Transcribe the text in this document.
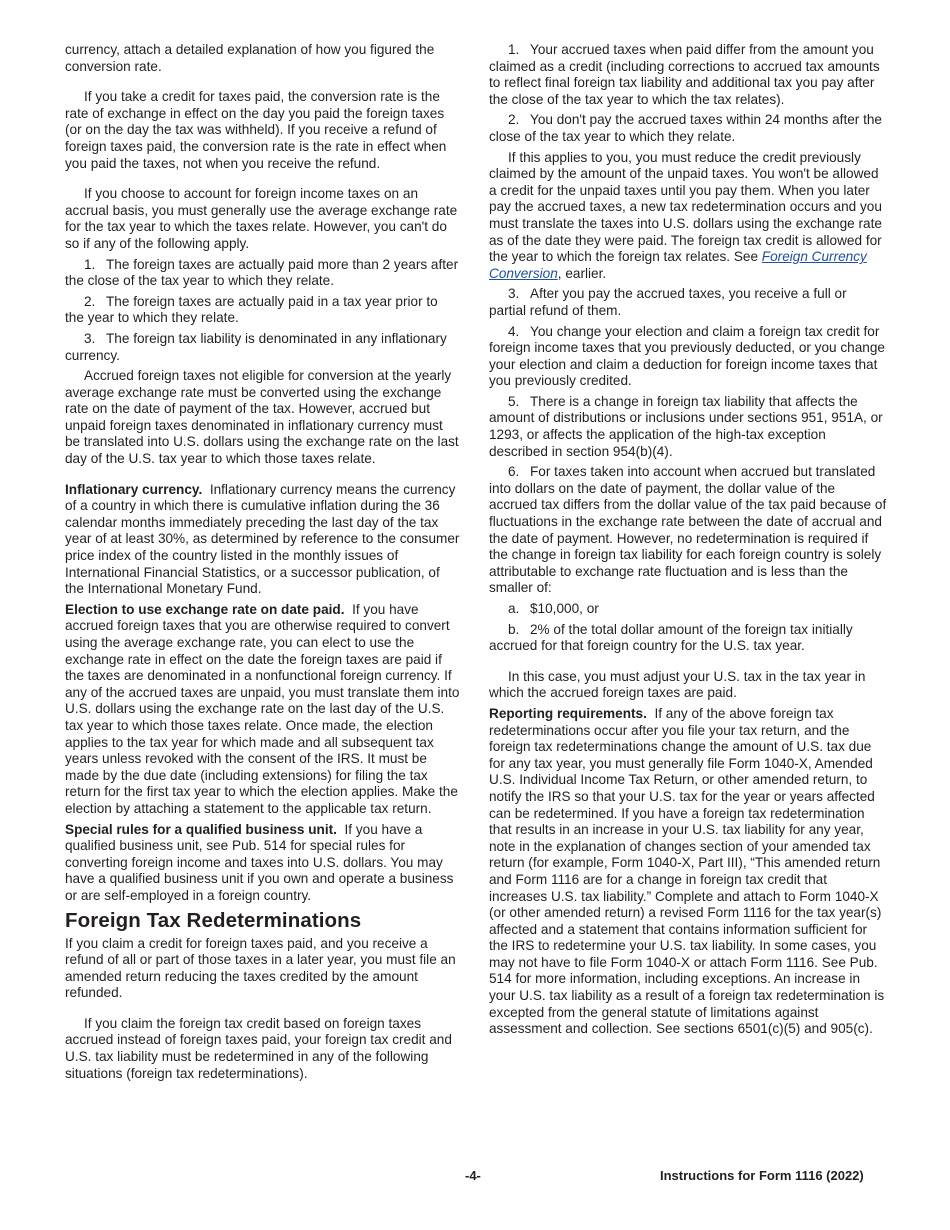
currency, attach a detailed explanation of how you figured the conversion rate.

If you take a credit for taxes paid, the conversion rate is the rate of exchange in effect on the day you paid the foreign taxes (or on the day the tax was withheld). If you receive a refund of foreign taxes paid, the conversion rate is the rate in effect when you paid the taxes, not when you receive the refund.

If you choose to account for foreign income taxes on an accrual basis, you must generally use the average exchange rate for the tax year to which the taxes relate. However, you can't do so if any of the following apply.

1. The foreign taxes are actually paid more than 2 years after the close of the tax year to which they relate.

2. The foreign taxes are actually paid in a tax year prior to the year to which they relate.

3. The foreign tax liability is denominated in any inflationary currency.

Accrued foreign taxes not eligible for conversion at the yearly average exchange rate must be converted using the exchange rate on the date of payment of the tax. However, accrued but unpaid foreign taxes denominated in inflationary currency must be translated into U.S. dollars using the exchange rate on the last day of the U.S. tax year to which those taxes relate.

Inflationary currency. Inflationary currency means the currency of a country in which there is cumulative inflation during the 36 calendar months immediately preceding the last day of the tax year of at least 30%, as determined by reference to the consumer price index of the country listed in the monthly issues of International Financial Statistics, or a successor publication, of the International Monetary Fund.

Election to use exchange rate on date paid. If you have accrued foreign taxes that you are otherwise required to convert using the average exchange rate, you can elect to use the exchange rate in effect on the date the foreign taxes are paid if the taxes are denominated in a nonfunctional foreign currency. If any of the accrued taxes are unpaid, you must translate them into U.S. dollars using the exchange rate on the last day of the U.S. tax year to which those taxes relate. Once made, the election applies to the tax year for which made and all subsequent tax years unless revoked with the consent of the IRS. It must be made by the due date (including extensions) for filing the tax return for the first tax year to which the election applies. Make the election by attaching a statement to the applicable tax return.

Special rules for a qualified business unit. If you have a qualified business unit, see Pub. 514 for special rules for converting foreign income and taxes into U.S. dollars. You may have a qualified business unit if you own and operate a business or are self-employed in a foreign country.

Foreign Tax Redeterminations

If you claim a credit for foreign taxes paid, and you receive a refund of all or part of those taxes in a later year, you must file an amended return reducing the taxes credited by the amount refunded.

If you claim the foreign tax credit based on foreign taxes accrued instead of foreign taxes paid, your foreign tax credit and U.S. tax liability must be redetermined in any of the following situations (foreign tax redeterminations).

1. Your accrued taxes when paid differ from the amount you claimed as a credit (including corrections to accrued tax amounts to reflect final foreign tax liability and additional tax you pay after the close of the tax year to which the tax relates).

2. You don't pay the accrued taxes within 24 months after the close of the tax year to which they relate.

If this applies to you, you must reduce the credit previously claimed by the amount of the unpaid taxes. You won't be allowed a credit for the unpaid taxes until you pay them. When you later pay the accrued taxes, a new tax redetermination occurs and you must translate the taxes into U.S. dollars using the exchange rate as of the date they were paid. The foreign tax credit is allowed for the year to which the foreign tax relates. See Foreign Currency Conversion, earlier.

3. After you pay the accrued taxes, you receive a full or partial refund of them.

4. You change your election and claim a foreign tax credit for foreign income taxes that you previously deducted, or you change your election and claim a deduction for foreign income taxes that you previously credited.

5. There is a change in foreign tax liability that affects the amount of distributions or inclusions under sections 951, 951A, or 1293, or affects the application of the high-tax exception described in section 954(b)(4).

6. For taxes taken into account when accrued but translated into dollars on the date of payment, the dollar value of the accrued tax differs from the dollar value of the tax paid because of fluctuations in the exchange rate between the date of accrual and the date of payment. However, no redetermination is required if the change in foreign tax liability for each foreign country is solely attributable to exchange rate fluctuation and is less than the smaller of:

a. $10,000, or

b. 2% of the total dollar amount of the foreign tax initially accrued for that foreign country for the U.S. tax year.

In this case, you must adjust your U.S. tax in the tax year in which the accrued foreign taxes are paid.

Reporting requirements. If any of the above foreign tax redeterminations occur after you file your tax return, and the foreign tax redeterminations change the amount of U.S. tax due for any tax year, you must generally file Form 1040-X, Amended U.S. Individual Income Tax Return, or other amended return, to notify the IRS so that your U.S. tax for the year or years affected can be redetermined. If you have a foreign tax redetermination that results in an increase in your U.S. tax liability for any year, note in the explanation of changes section of your amended tax return (for example, Form 1040-X, Part III), “This amended return and Form 1116 are for a change in foreign tax credit that increases U.S. tax liability.” Complete and attach to Form 1040-X (or other amended return) a revised Form 1116 for the tax year(s) affected and a statement that contains information sufficient for the IRS to redetermine your U.S. tax liability. In some cases, you may not have to file Form 1040-X or attach Form 1116. See Pub. 514 for more information, including exceptions. An increase in your U.S. tax liability as a result of a foreign tax redetermination is excepted from the general statute of limitations against assessment and collection. See sections 6501(c)(5) and 905(c).

-4-	Instructions for Form 1116 (2022)
